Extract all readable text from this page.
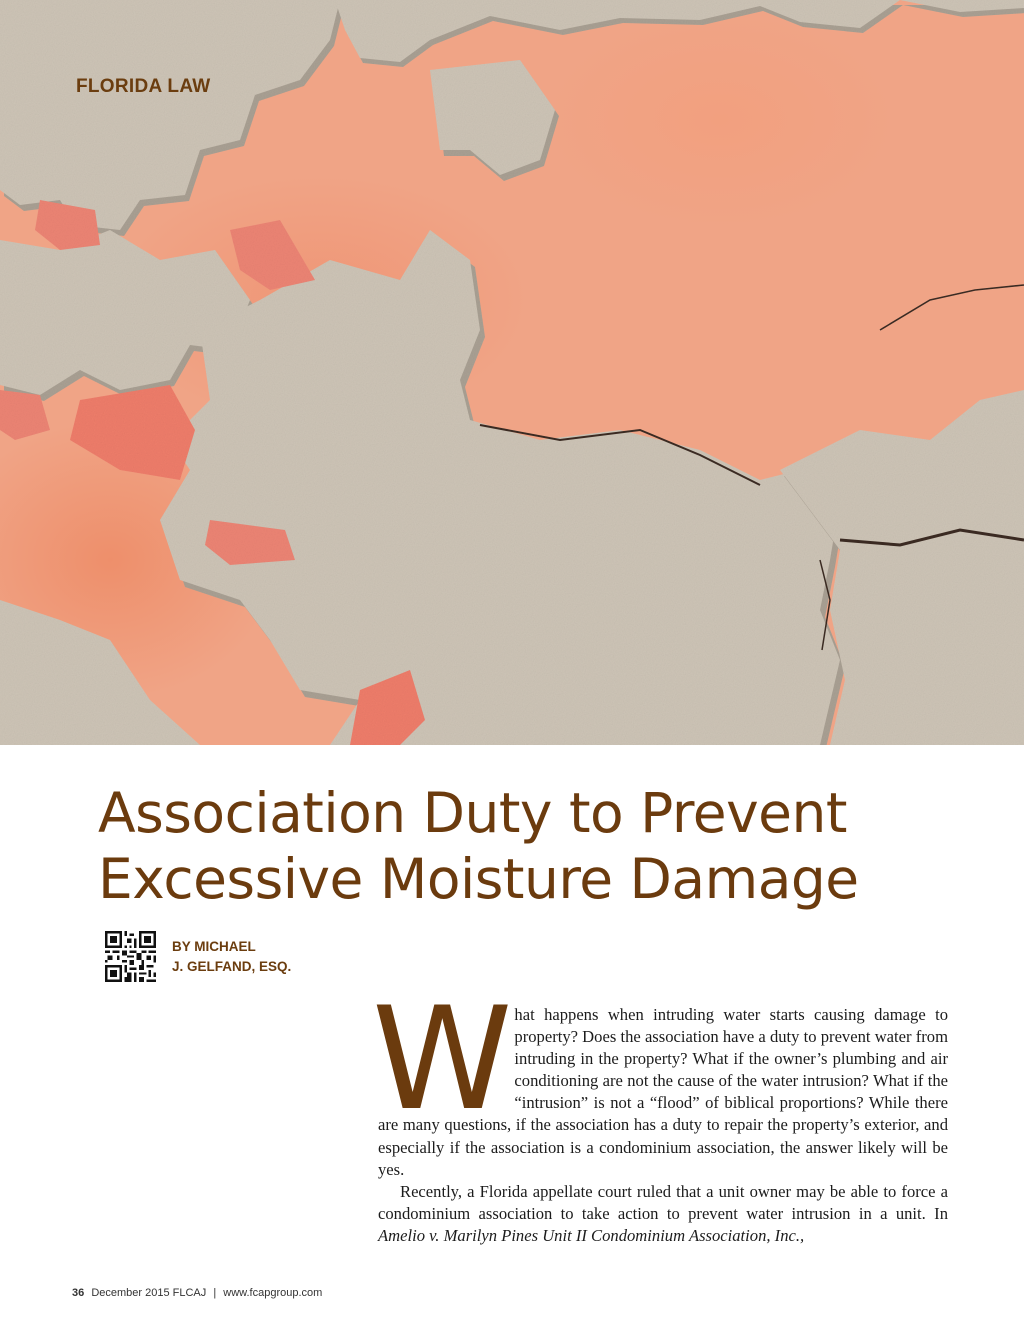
FLORIDA LAW

Association Duty to Prevent
Excessive Moisture Damage

BY MICHAEL
J. GELFAND, ESQ.

W hat happens when intruding water starts causing damage to property? Does the association have a duty to prevent water from intruding in the property? What if the owner’s plumbing and air conditioning are not the cause of the water intrusion? What if the “intrusion” is not a “flood” of biblical proportions? While there are many questions, if the association has a duty to repair the property’s exterior, and especially if the association is a condominium association, the answer likely will be yes.

Recently, a Florida appellate court ruled that a unit owner may be able to force a condominium association to take action to prevent water intrusion in a unit. In Amelio v. Marilyn Pines Unit II Condominium Association, Inc.,

36 December 2015 FLCAJ | www.fcapgroup.com
